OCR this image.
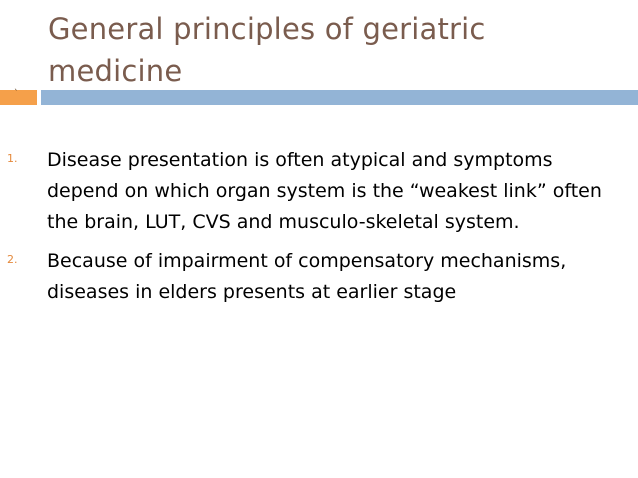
General principles of geriatric
medicine
`
1. Disease presentation is often atypical and symptoms depend on which organ system is the “weakest link” often the brain, LUT, CVS and musculo-skeletal system.
2. Because of impairment of compensatory mechanisms, diseases in elders presents at earlier stage
